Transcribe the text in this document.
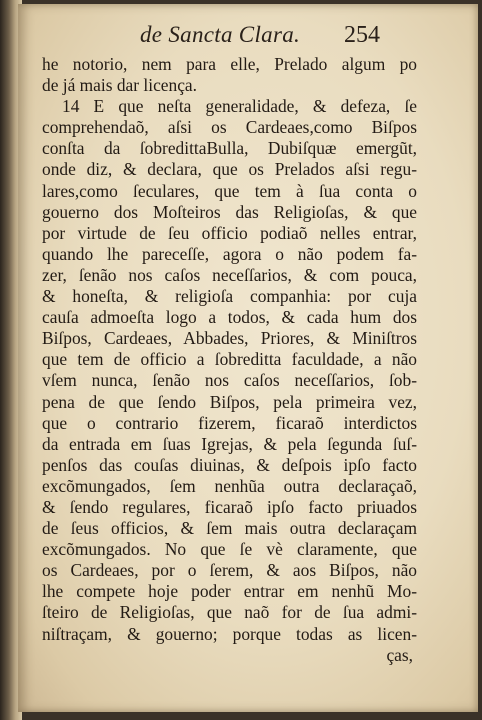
de Sancta Clara. 254
he notorio, nem para elle, Prelado algum po
de já mais dar licença.
14 E que neſta generalidade, & defeza, ſe
comprehendaõ, aſsi os Cardeaes,como Biſpos
conſta da ſobredittaBulla, Dubiſquæ emergũt,
onde diz, & declara, que os Prelados aſsi regu-
lares,como ſeculares, que tem à ſua conta o
gouerno dos Moſteiros das Religioſas, & que
por virtude de ſeu officio podiaõ nelles entrar,
quando lhe pareceſſe, agora o não podem fa-
zer, ſenão nos caſos neceſſarios, & com pouca,
& honeſta, & religioſa companhia: por cuja
cauſa admoeſta logo a todos, & cada hum dos
Biſpos, Cardeaes, Abbades, Priores, & Miniſtros
que tem de officio a ſobreditta faculdade, a não
vſem nunca, ſenão nos caſos neceſſarios, ſob-
pena de que ſendo Biſpos, pela primeira vez,
que o contrario fizerem, ficaraõ interdictos
da entrada em ſuas Igrejas, & pela ſegunda ſuſ-
penſos das couſas diuinas, & deſpois ipſo facto
excõmungados, ſem nenhũa outra declaraçaõ,
& ſendo regulares, ficaraõ ipſo facto priuados
de ſeus officios, & ſem mais outra declaraçam
excõmungados. No que ſe vè claramente, que
os Cardeaes, por o ſerem, & aos Biſpos, não
lhe compete hoje poder entrar em nenhũ Mo-
ſteiro de Religioſas, que naõ for de ſua admi-
niſtraçam, & gouerno; porque todas as licen-
ças,
